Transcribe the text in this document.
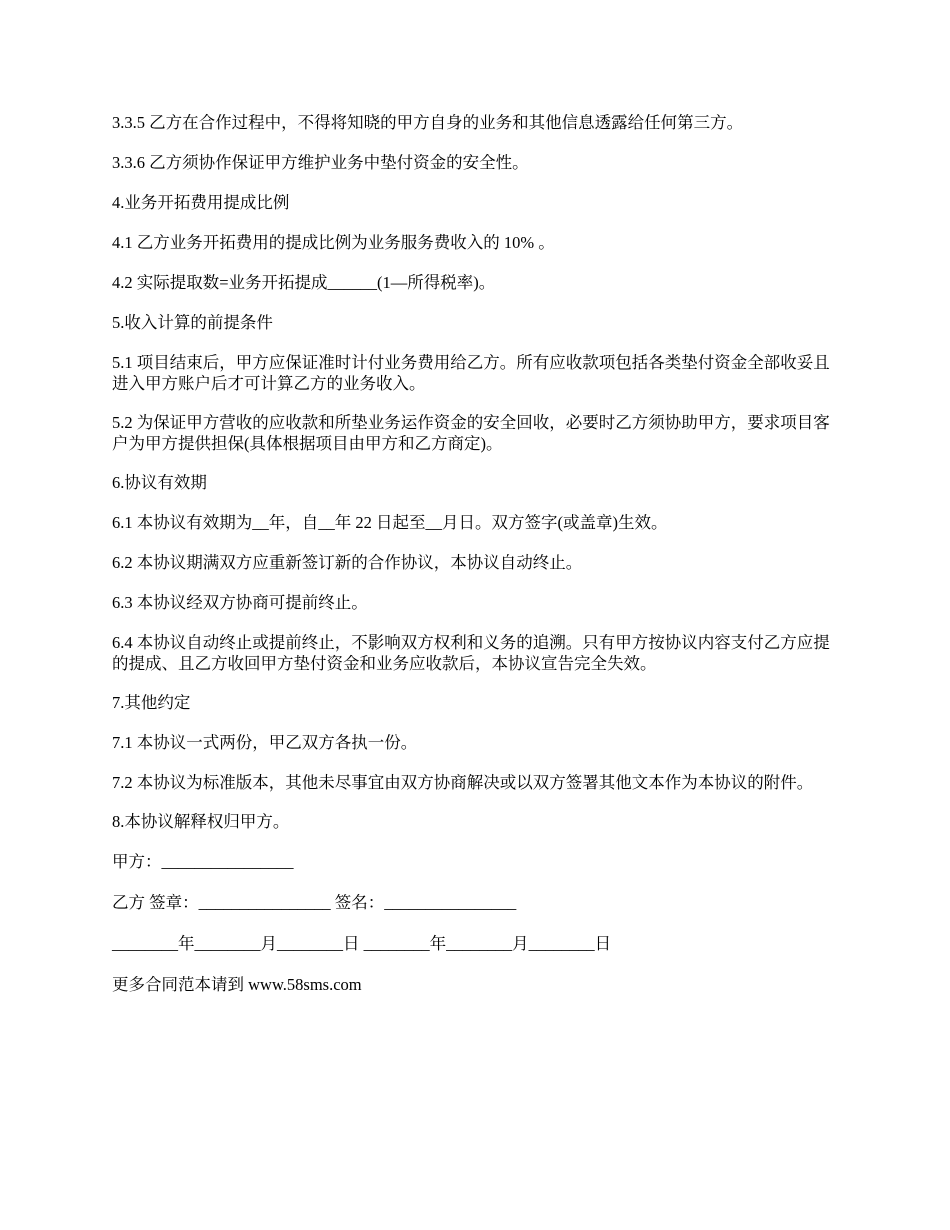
3.3.5 乙方在合作过程中，不得将知晓的甲方自身的业务和其他信息透露给任何第三方。

3.3.6 乙方须协作保证甲方维护业务中垫付资金的安全性。

4.业务开拓费用提成比例

4.1 乙方业务开拓费用的提成比例为业务服务费收入的 10% 。

4.2 实际提取数=业务开拓提成______(1—所得税率)。

5.收入计算的前提条件

5.1 项目结束后，甲方应保证准时计付业务费用给乙方。所有应收款项包括各类垫付资金全部收妥且进入甲方账户后才可计算乙方的业务收入。

5.2 为保证甲方营收的应收款和所垫业务运作资金的安全回收，必要时乙方须协助甲方，要求项目客户为甲方提供担保(具体根据项目由甲方和乙方商定)。

6.协议有效期

6.1 本协议有效期为__年，自__年 22 日起至__月日。双方签字(或盖章)生效。

6.2 本协议期满双方应重新签订新的合作协议，本协议自动终止。

6.3 本协议经双方协商可提前终止。

6.4 本协议自动终止或提前终止，不影响双方权利和义务的追溯。只有甲方按协议内容支付乙方应提的提成、且乙方收回甲方垫付资金和业务应收款后，本协议宣告完全失效。

7.其他约定

7.1 本协议一式两份，甲乙双方各执一份。

7.2 本协议为标准版本，其他未尽事宜由双方协商解决或以双方签署其他文本作为本协议的附件。

8.本协议解释权归甲方。

甲方：________________

乙方 签章：________________ 签名：________________

________年________月________日 ________年________月________日

更多合同范本请到 www.58sms.com
